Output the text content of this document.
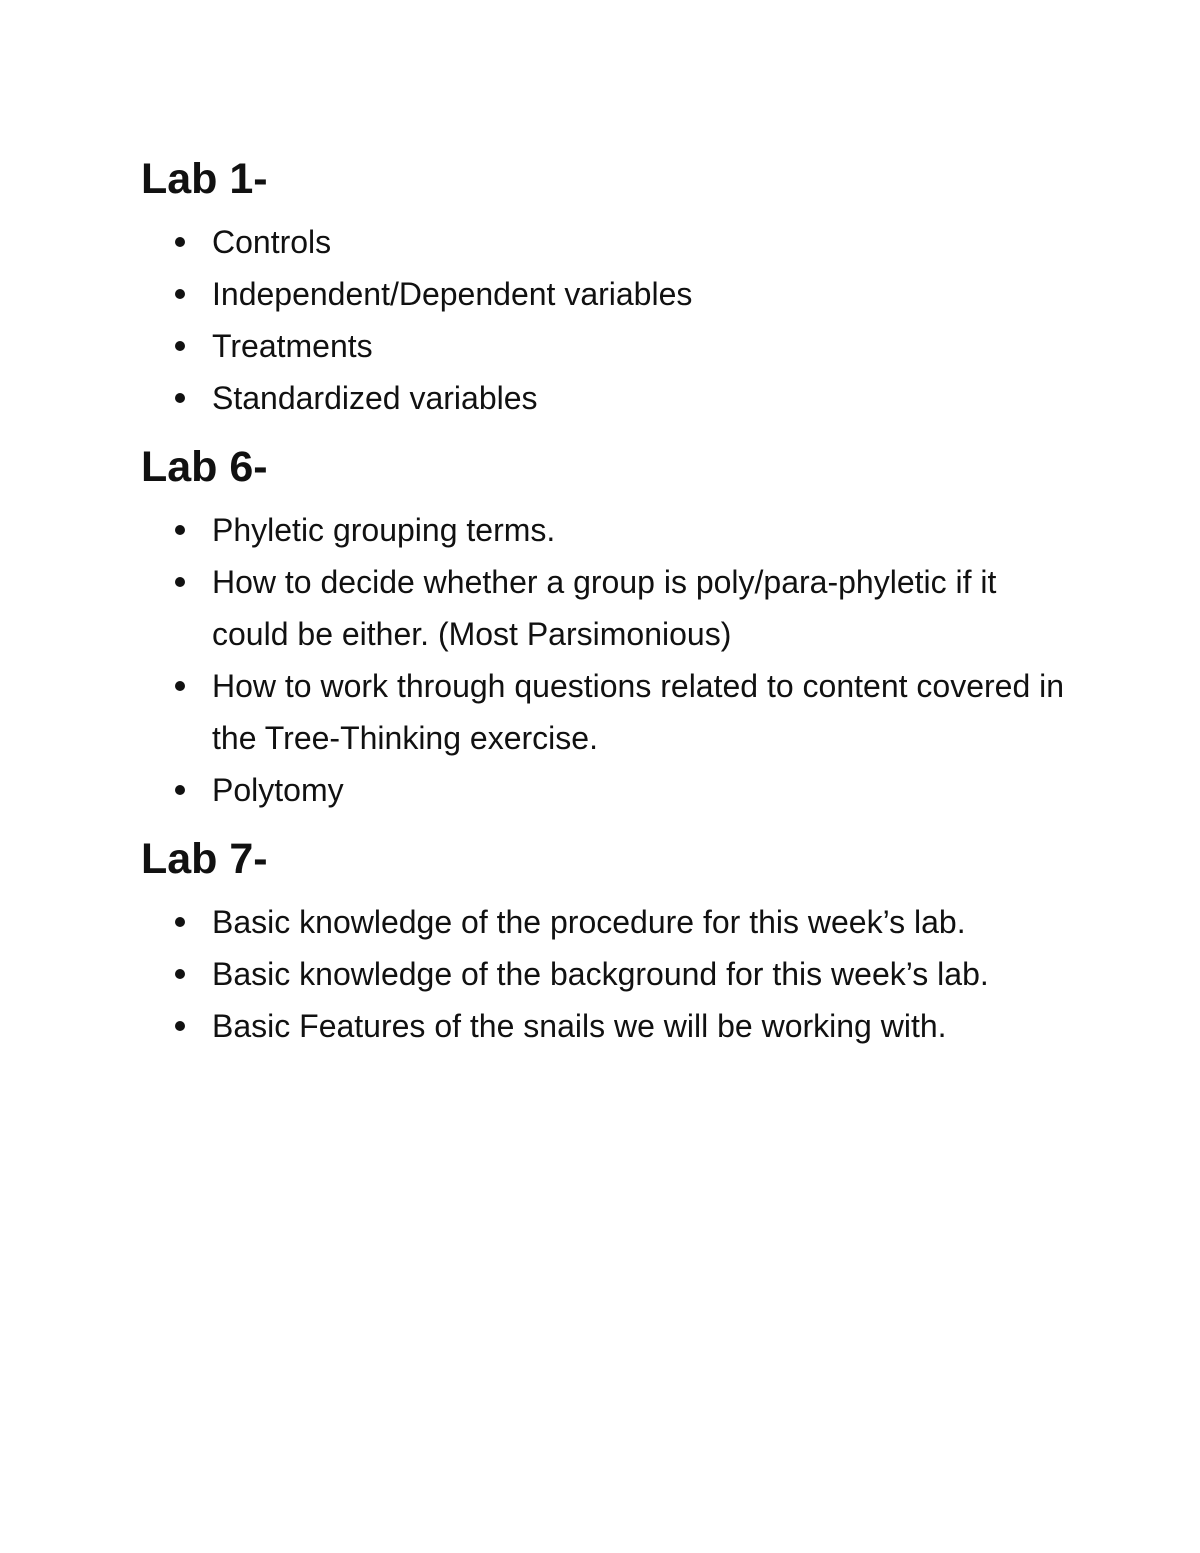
Lab 1-
Controls
Independent/Dependent variables
Treatments
Standardized variables
Lab 6-
Phyletic grouping terms.
How to decide whether a group is poly/para-phyletic if it could be either. (Most Parsimonious)
How to work through questions related to content covered in the Tree-Thinking exercise.
Polytomy
Lab 7-
Basic knowledge of the procedure for this week’s lab.
Basic knowledge of the background for this week’s lab.
Basic Features of the snails we will be working with.
